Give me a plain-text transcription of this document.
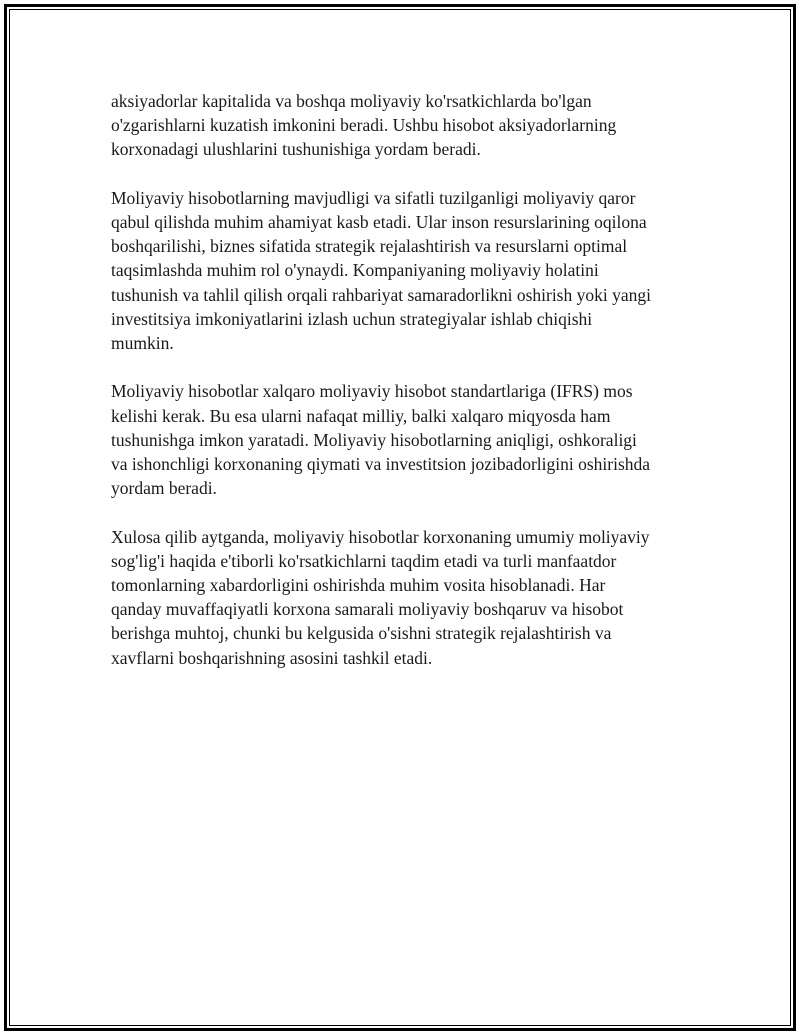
aksiyadorlar kapitalida va boshqa moliyaviy ko'rsatkichlarda bo'lgan
o'zgarishlarni kuzatish imkonini beradi. Ushbu hisobot aksiyadorlarning
korxonadagi ulushlarini tushunishiga yordam beradi.

Moliyaviy hisobotlarning mavjudligi va sifatli tuzilganligi moliyaviy qaror
qabul qilishda muhim ahamiyat kasb etadi. Ular inson resurslarining oqilona
boshqarilishi, biznes sifatida strategik rejalashtirish va resurslarni optimal
taqsimlashda muhim rol o'ynaydi. Kompaniyaning moliyaviy holatini
tushunish va tahlil qilish orqali rahbariyat samaradorlikni oshirish yoki yangi
investitsiya imkoniyatlarini izlash uchun strategiyalar ishlab chiqishi
mumkin.

Moliyaviy hisobotlar xalqaro moliyaviy hisobot standartlariga (IFRS) mos
kelishi kerak. Bu esa ularni nafaqat milliy, balki xalqaro miqyosda ham
tushunishga imkon yaratadi. Moliyaviy hisobotlarning aniqligi, oshkoraligi
va ishonchligi korxonaning qiymati va investitsion jozibadorligini oshirishda
yordam beradi.

Xulosa qilib aytganda, moliyaviy hisobotlar korxonaning umumiy moliyaviy
sog'lig'i haqida e'tiborli ko'rsatkichlarni taqdim etadi va turli manfaatdor
tomonlarning xabardorligini oshirishda muhim vosita hisoblanadi. Har
qanday muvaffaqiyatli korxona samarali moliyaviy boshqaruv va hisobot
berishga muhtoj, chunki bu kelgusida o'sishni strategik rejalashtirish va
xavflarni boshqarishning asosini tashkil etadi.
